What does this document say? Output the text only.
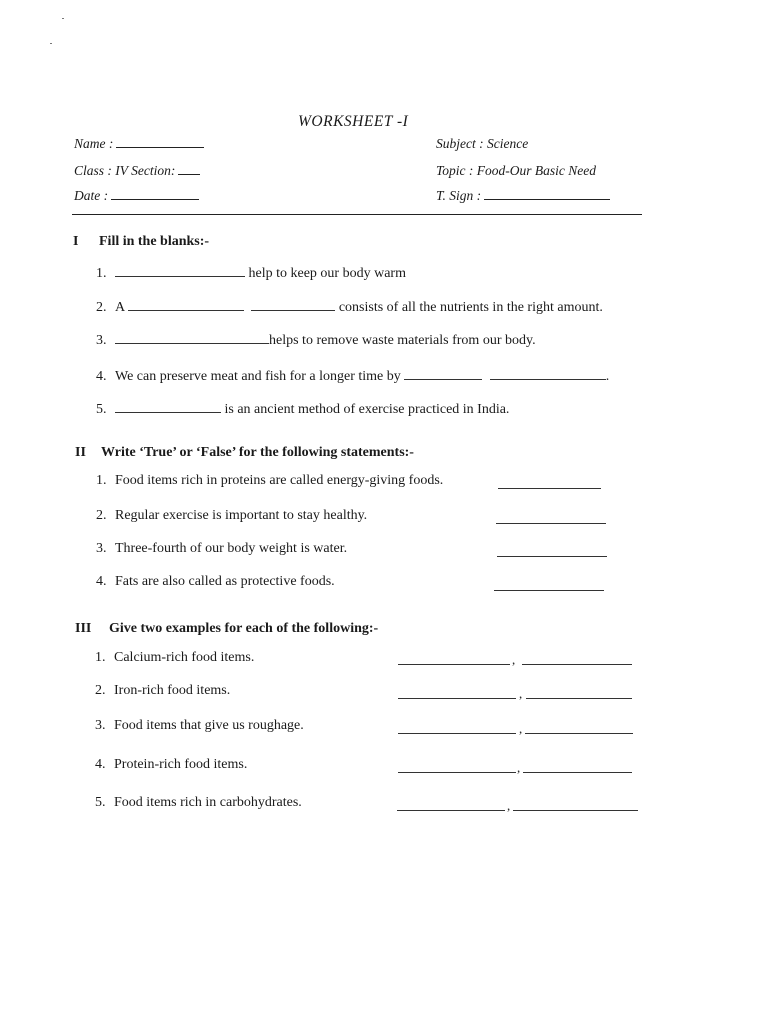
WORKSHEET -I
Name :
Class : IV Section:
Date :
Subject : Science
Topic : Food-Our Basic Need
T. Sign :
I Fill in the blanks:-
1.	help to keep our body warm
2. A	consists of all the nutrients in the right amount.
3.	helps to remove waste materials from our body.
4. We can preserve meat and fish for a longer time by	.
5.	is an ancient method of exercise practiced in India.
II Write ‘True’ or ‘False’ for the following statements:-
1. Food items rich in proteins are called energy-giving foods.
2. Regular exercise is important to stay healthy.
3. Three-fourth of our body weight is water.
4. Fats are also called as protective foods.
III Give two examples for each of the following:-
1. Calcium-rich food items.	,
2. Iron-rich food items.	,
3. Food items that give us roughage.	,
4. Protein-rich food items.	,
5. Food items rich in carbohydrates.	,
